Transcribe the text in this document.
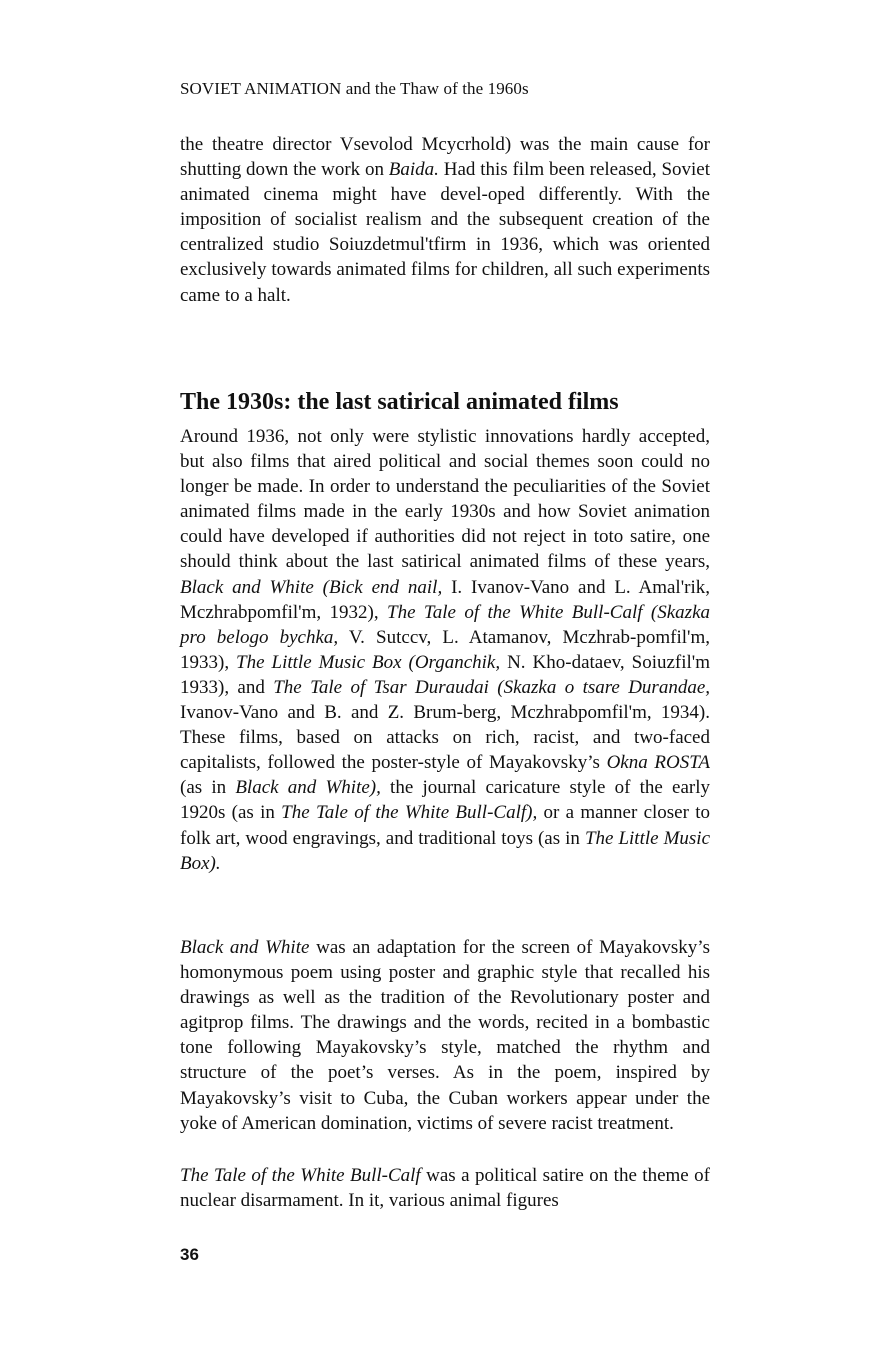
SOVIET ANIMATION and the Thaw of the 1960s

the theatre director Vsevolod Mcycrhold) was the main cause for shutting down the work on Baida. Had this film been released, Soviet animated cinema might have devel-oped differently. With the imposition of socialist realism and the subsequent creation of the centralized studio Soiuzdetmul'tfirm in 1936, which was oriented exclusively towards animated films for children, all such experiments came to a halt.

The 1930s: the last satirical animated films

Around 1936, not only were stylistic innovations hardly accepted, but also films that aired political and social themes soon could no longer be made. In order to understand the peculiarities of the Soviet animated films made in the early 1930s and how Soviet animation could have developed if authorities did not reject in toto satire, one should think about the last satirical animated films of these years, Black and White (Bick end nail, I. Ivanov-Vano and L. Amal'rik, Mczhrabpomfil'm, 1932), The Tale of the White Bull-Calf (Skazka pro belogo bychka, V. Sutccv, L. Atamanov, Mczhrab-pomfil'm, 1933), The Little Music Box (Organchik, N. Kho-dataev, Soiuzfil'm 1933), and The Tale of Tsar Duraudai (Skazka o tsare Durandae, Ivanov-Vano and B. and Z. Brum-berg, Mczhrabpomfil'm, 1934). These films, based on attacks on rich, racist, and two-faced capitalists, followed the poster-style of Mayakovsky’s Okna ROSTA (as in Black and White), the journal caricature style of the early 1920s (as in The Tale of the White Bull-Calf), or a manner closer to folk art, wood engravings, and traditional toys (as in The Little Music Box).

Black and White was an adaptation for the screen of Mayakovsky’s homonymous poem using poster and graphic style that recalled his drawings as well as the tradition of the Revolutionary poster and agitprop films. The drawings and the words, recited in a bombastic tone following Mayakovsky’s style, matched the rhythm and structure of the poet’s verses. As in the poem, inspired by Mayakovsky’s visit to Cuba, the Cuban workers appear under the yoke of American domination, victims of severe racist treatment.

The Tale of the White Bull-Calf was a political satire on the theme of nuclear disarmament. In it, various animal figures

36
